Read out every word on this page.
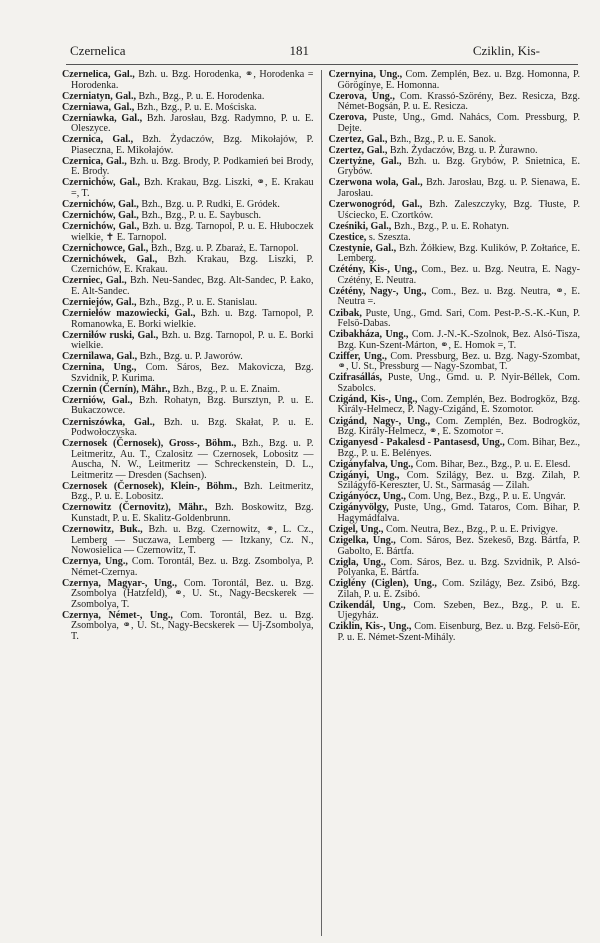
Czernelica	181	Cziklin, Kis-
Czernelica, Gal., Bzh. u. Bzg. Horodenka, ⚭, Horodenka = Horodenka.
Czerniatyn, Gal., Bzh., Bzg., P. u. E. Horodenka.
Czerniawa, Gal., Bzh., Bzg., P. u. E. Mościska.
Czerniawka, Gal., Bzh. Jarosłau, Bzg. Radymno, P. u. E. Oleszyce.
Czernica, Gal., Bzh. Żydaczów, Bzg. Mikołajów, P. Piaseczna, E. Mikołajów.
Czernica, Gal., Bzh. u. Bzg. Brody, P. Podkamień bei Brody, E. Brody.
Czernichów, Gal., Bzh. Krakau, Bzg. Liszki, ⚭, E. Krakau =, T.
Czernichów, Gal., Bzh., Bzg. u. P. Rudki, E. Gródek.
Czernichów, Gal., Bzh., Bzg., P. u. E. Saybusch.
Czernichów, Gal., Bzh. u. Bzg. Tarnopol, P. u. E. Hłuboczek wielkie, ✝ E. Tarnopol.
Czernichowce, Gal., Bzh., Bzg. u. P. Zbaraż, E. Tarnopol.
Czernichówek, Gal., Bzh. Krakau, Bzg. Liszki, P. Czernichów, E. Krakau.
Czerniec, Gal., Bzh. Neu-Sandec, Bzg. Alt-Sandec, P. Łako, E. Alt-Sandec.
Czerniejów, Gal., Bzh., Bzg., P. u. E. Stanislau.
Czerniełów mazowiecki, Gal., Bzh. u. Bzg. Tarnopol, P. Romanowka, E. Borki wielkie.
Czerniłów ruski, Gal., Bzh. u. Bzg. Tarnopol, P. u. E. Borki wielkie.
Czernilawa, Gal., Bzh., Bzg. u. P. Jaworów.
Czernina, Ung., Com. Sáros, Bez. Makovicza, Bzg. Szvidnik, P. Kurima.
Czernin (Černín), Mähr., Bzh., Bzg., P. u. E. Znaim.
Czerniów, Gal., Bzh. Rohatyn, Bzg. Bursztyn, P. u. E. Bukaczowce.
Czerniszówka, Gal., Bzh. u. Bzg. Skałat, P. u. E. Podwołoczyska.
Czernosek (Černosek), Gross-, Böhm., Bzh., Bzg. u. P. Leitmeritz, Au. T., Czalositz — Czernosek, Lobositz — Auscha, N. W., Leitmeritz — Schreckenstein, D. L., Leitmeritz — Dresden (Sachsen).
Czernosek (Černosek), Klein-, Böhm., Bzh. Leitmeritz, Bzg., P. u. E. Lobositz.
Czernowitz (Černovitz), Mähr., Bzh. Boskowitz, Bzg. Kunstadt, P. u. E. Skalitz-Goldenbrunn.
Czernowitz, Buk., Bzh. u. Bzg. Czernowitz, ⚭, L. Cz., Lemberg — Suczawa, Lemberg — Itzkany, Cz. N., Nowosielica — Czernowitz, T.
Czernya, Ung., Com. Torontál, Bez. u. Bzg. Zsombolya, P. Német-Czernya.
Czernya, Magyar-, Ung., Com. Torontál, Bez. u. Bzg. Zsombolya (Hatzfeld), ⚭, U. St., Nagy-Becskerek — Zsombolya, T.
Czernya, Német-, Ung., Com. Torontál, Bez. u. Bzg. Zsombolya, ⚭, U. St., Nagy-Becskerek — Uj-Zsombolya, T.
Czernyina, Ung., Com. Zemplén, Bez. u. Bzg. Homonna, P. Görögínye, E. Homonna.
Czerova, Ung., Com. Krassó-Szörény, Bez. Resicza, Bzg. Német-Bogsán, P. u. E. Resicza.
Czerova, Puste, Ung., Gmd. Nahács, Com. Pressburg, P. Dejte.
Czertez, Gal., Bzh., Bzg., P. u. E. Sanok.
Czertez, Gal., Bzh. Żydaczów, Bzg. u. P. Żurawno.
Czertyżne, Gal., Bzh. u. Bzg. Grybów, P. Snietnica, E. Grybów.
Czerwona wola, Gal., Bzh. Jarosłau, Bzg. u. P. Sienawa, E. Jarosłau.
Czerwonogród, Gal., Bzh. Zaleszczyky, Bzg. Tłuste, P. Uściecko, E. Czortków.
Cześniki, Gal., Bzh., Bzg., P. u. E. Rohatyn.
Czestice, s. Szeszta.
Czestynie, Gal., Bzh. Żółkiew, Bzg. Kulików, P. Zołtańce, E. Lemberg.
Czétény, Kis-, Ung., Com., Bez. u. Bzg. Neutra, E. Nagy-Czétény, E. Neutra.
Czétény, Nagy-, Ung., Com., Bez. u. Bzg. Neutra, ⚭, E. Neutra =.
Czibak, Puste, Ung., Gmd. Sari, Com. Pest-P.-S.-K.-Kun, P. Felsö-Dabas.
Czibakháza, Ung., Com. J.-N.-K.-Szolnok, Bez. Alsó-Tisza, Bzg. Kun-Szent-Márton, ⚭, E. Homok =, T.
Cziffer, Ung., Com. Pressburg, Bez. u. Bzg. Nagy-Szombat, ⚭, U. St., Pressburg — Nagy-Szombat, T.
Czifrasállás, Puste, Ung., Gmd. u. P. Nyir-Béllek, Com. Szabolcs.
Czigánd, Kis-, Ung., Com. Zemplén, Bez. Bodrogköz, Bzg. Király-Helmecz, P. Nagy-Czigánd, E. Szomotor.
Czigánd, Nagy-, Ung., Com. Zemplén, Bez. Bodrogköz, Bzg. Király-Helmecz, ⚭, E. Szomotor =.
Cziganyesd - Pakalesd - Pantasesd, Ung., Com. Bihar, Bez., Bzg., P. u. E. Belényes.
Czigányfalva, Ung., Com. Bihar, Bez., Bzg., P. u. E. Elesd.
Czigányi, Ung., Com. Szilágy, Bez. u. Bzg. Zilah, P. Szilágyfő-Kereszter, U. St., Sarmaság — Zilah.
Czigányócz, Ung., Com. Ung, Bez., Bzg., P. u. E. Ungvár.
Czigányvölgy, Puste, Ung., Gmd. Tataros, Com. Bihar, P. Hagymádfalva.
Czigel, Ung., Com. Neutra, Bez., Bzg., P. u. E. Privigye.
Czigelka, Ung., Com. Sáros, Bez. Szekeső, Bzg. Bártfa, P. Gabolto, E. Bártfa.
Czigla, Ung., Com. Sáros, Bez. u. Bzg. Szvidnik, P. Alsó-Polyanka, E. Bártfa.
Cziglény (Ciglen), Ung., Com. Szilágy, Bez. Zsibó, Bzg. Zilah, P. u. E. Zsibó.
Czikendál, Ung., Com. Szeben, Bez., Bzg., P. u. E. Ujegyház.
Cziklin, Kis-, Ung., Com. Eisenburg, Bez. u. Bzg. Felsö-Eör, P. u. E. Német-Szent-Mihály.
